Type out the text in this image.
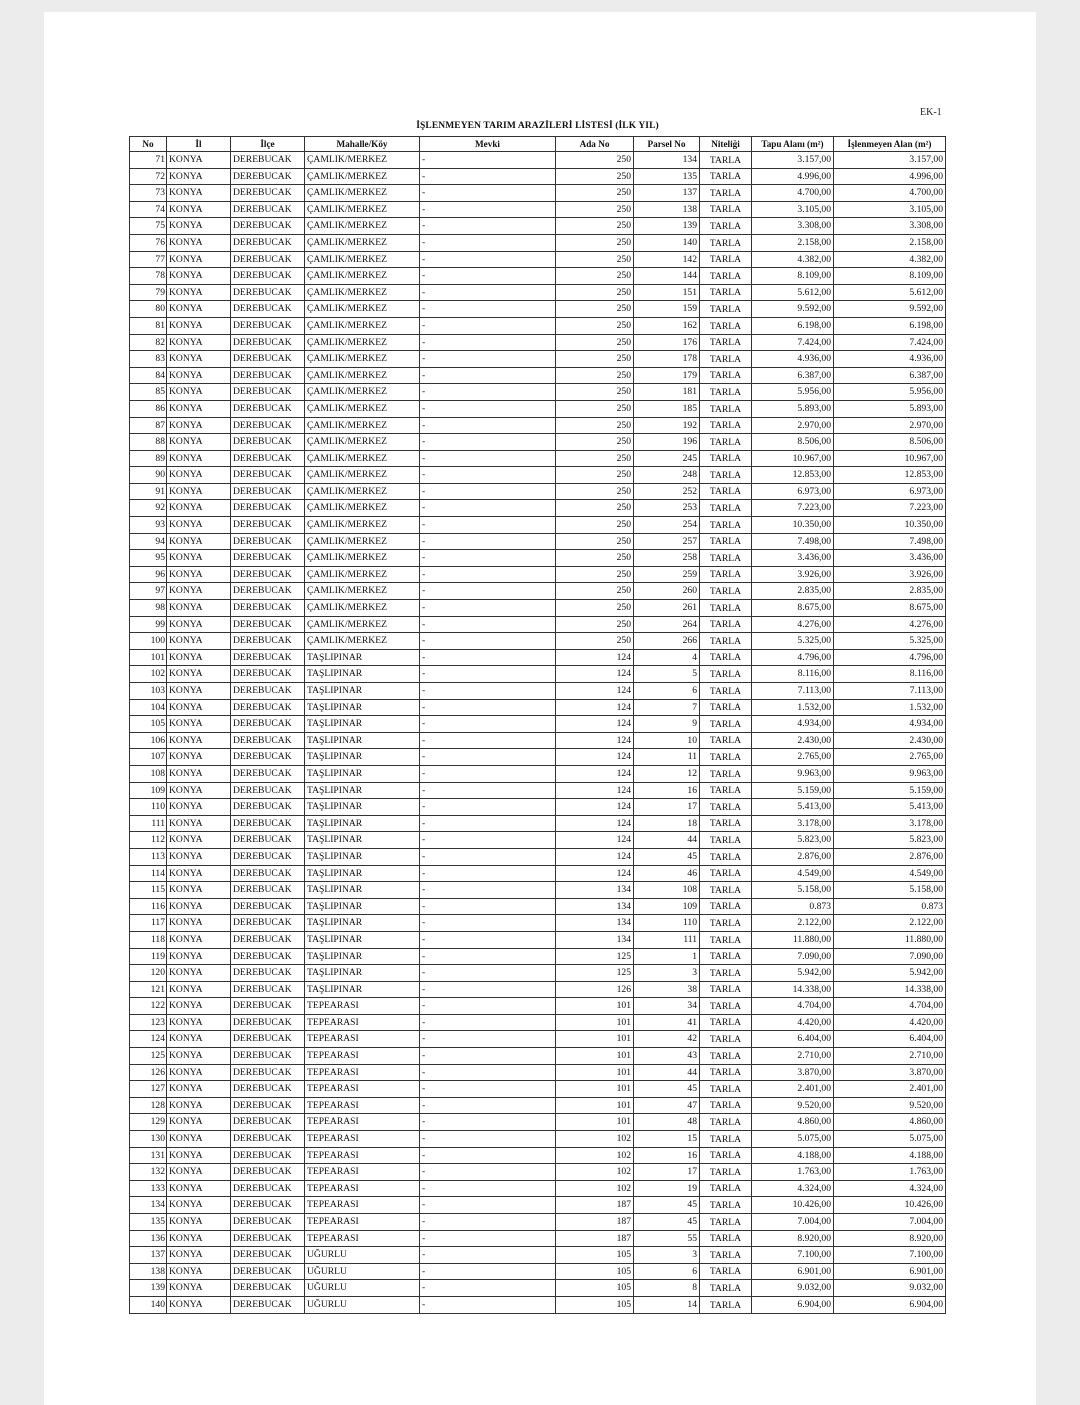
EK-1
İŞLENMEYEN TARIM ARAZİLERİ LİSTESİ (İLK YIL)
No	İl	İlçe	Mahalle/Köy	Mevki	Ada No	Parsel No	Niteliği	Tapu Alanı (m²)	İşlenmeyen Alan (m²)
71	KONYA	DEREBUCAK	ÇAMLIK/MERKEZ	-	250	134	TARLA	3.157,00	3.157,00
72	KONYA	DEREBUCAK	ÇAMLIK/MERKEZ	-	250	135	TARLA	4.996,00	4.996,00
73	KONYA	DEREBUCAK	ÇAMLIK/MERKEZ	-	250	137	TARLA	4.700,00	4.700,00
74	KONYA	DEREBUCAK	ÇAMLIK/MERKEZ	-	250	138	TARLA	3.105,00	3.105,00
75	KONYA	DEREBUCAK	ÇAMLIK/MERKEZ	-	250	139	TARLA	3.308,00	3.308,00
76	KONYA	DEREBUCAK	ÇAMLIK/MERKEZ	-	250	140	TARLA	2.158,00	2.158,00
77	KONYA	DEREBUCAK	ÇAMLIK/MERKEZ	-	250	142	TARLA	4.382,00	4.382,00
78	KONYA	DEREBUCAK	ÇAMLIK/MERKEZ	-	250	144	TARLA	8.109,00	8.109,00
79	KONYA	DEREBUCAK	ÇAMLIK/MERKEZ	-	250	151	TARLA	5.612,00	5.612,00
80	KONYA	DEREBUCAK	ÇAMLIK/MERKEZ	-	250	159	TARLA	9.592,00	9.592,00
81	KONYA	DEREBUCAK	ÇAMLIK/MERKEZ	-	250	162	TARLA	6.198,00	6.198,00
82	KONYA	DEREBUCAK	ÇAMLIK/MERKEZ	-	250	176	TARLA	7.424,00	7.424,00
83	KONYA	DEREBUCAK	ÇAMLIK/MERKEZ	-	250	178	TARLA	4.936,00	4.936,00
84	KONYA	DEREBUCAK	ÇAMLIK/MERKEZ	-	250	179	TARLA	6.387,00	6.387,00
85	KONYA	DEREBUCAK	ÇAMLIK/MERKEZ	-	250	181	TARLA	5.956,00	5.956,00
86	KONYA	DEREBUCAK	ÇAMLIK/MERKEZ	-	250	185	TARLA	5.893,00	5.893,00
87	KONYA	DEREBUCAK	ÇAMLIK/MERKEZ	-	250	192	TARLA	2.970,00	2.970,00
88	KONYA	DEREBUCAK	ÇAMLIK/MERKEZ	-	250	196	TARLA	8.506,00	8.506,00
89	KONYA	DEREBUCAK	ÇAMLIK/MERKEZ	-	250	245	TARLA	10.967,00	10.967,00
90	KONYA	DEREBUCAK	ÇAMLIK/MERKEZ	-	250	248	TARLA	12.853,00	12.853,00
91	KONYA	DEREBUCAK	ÇAMLIK/MERKEZ	-	250	252	TARLA	6.973,00	6.973,00
92	KONYA	DEREBUCAK	ÇAMLIK/MERKEZ	-	250	253	TARLA	7.223,00	7.223,00
93	KONYA	DEREBUCAK	ÇAMLIK/MERKEZ	-	250	254	TARLA	10.350,00	10.350,00
94	KONYA	DEREBUCAK	ÇAMLIK/MERKEZ	-	250	257	TARLA	7.498,00	7.498,00
95	KONYA	DEREBUCAK	ÇAMLIK/MERKEZ	-	250	258	TARLA	3.436,00	3.436,00
96	KONYA	DEREBUCAK	ÇAMLIK/MERKEZ	-	250	259	TARLA	3.926,00	3.926,00
97	KONYA	DEREBUCAK	ÇAMLIK/MERKEZ	-	250	260	TARLA	2.835,00	2.835,00
98	KONYA	DEREBUCAK	ÇAMLIK/MERKEZ	-	250	261	TARLA	8.675,00	8.675,00
99	KONYA	DEREBUCAK	ÇAMLIK/MERKEZ	-	250	264	TARLA	4.276,00	4.276,00
100	KONYA	DEREBUCAK	ÇAMLIK/MERKEZ	-	250	266	TARLA	5.325,00	5.325,00
101	KONYA	DEREBUCAK	TAŞLIPINAR	-	124	4	TARLA	4.796,00	4.796,00
102	KONYA	DEREBUCAK	TAŞLIPINAR	-	124	5	TARLA	8.116,00	8.116,00
103	KONYA	DEREBUCAK	TAŞLIPINAR	-	124	6	TARLA	7.113,00	7.113,00
104	KONYA	DEREBUCAK	TAŞLIPINAR	-	124	7	TARLA	1.532,00	1.532,00
105	KONYA	DEREBUCAK	TAŞLIPINAR	-	124	9	TARLA	4.934,00	4.934,00
106	KONYA	DEREBUCAK	TAŞLIPINAR	-	124	10	TARLA	2.430,00	2.430,00
107	KONYA	DEREBUCAK	TAŞLIPINAR	-	124	11	TARLA	2.765,00	2.765,00
108	KONYA	DEREBUCAK	TAŞLIPINAR	-	124	12	TARLA	9.963,00	9.963,00
109	KONYA	DEREBUCAK	TAŞLIPINAR	-	124	16	TARLA	5.159,00	5.159,00
110	KONYA	DEREBUCAK	TAŞLIPINAR	-	124	17	TARLA	5.413,00	5.413,00
111	KONYA	DEREBUCAK	TAŞLIPINAR	-	124	18	TARLA	3.178,00	3.178,00
112	KONYA	DEREBUCAK	TAŞLIPINAR	-	124	44	TARLA	5.823,00	5.823,00
113	KONYA	DEREBUCAK	TAŞLIPINAR	-	124	45	TARLA	2.876,00	2.876,00
114	KONYA	DEREBUCAK	TAŞLIPINAR	-	124	46	TARLA	4.549,00	4.549,00
115	KONYA	DEREBUCAK	TAŞLIPINAR	-	134	108	TARLA	5.158,00	5.158,00
116	KONYA	DEREBUCAK	TAŞLIPINAR	-	134	109	TARLA	0.873	0.873
117	KONYA	DEREBUCAK	TAŞLIPINAR	-	134	110	TARLA	2.122,00	2.122,00
118	KONYA	DEREBUCAK	TAŞLIPINAR	-	134	111	TARLA	11.880,00	11.880,00
119	KONYA	DEREBUCAK	TAŞLIPINAR	-	125	1	TARLA	7.090,00	7.090,00
120	KONYA	DEREBUCAK	TAŞLIPINAR	-	125	3	TARLA	5.942,00	5.942,00
121	KONYA	DEREBUCAK	TAŞLIPINAR	-	126	38	TARLA	14.338,00	14.338,00
122	KONYA	DEREBUCAK	TEPEARASI	-	101	34	TARLA	4.704,00	4.704,00
123	KONYA	DEREBUCAK	TEPEARASI	-	101	41	TARLA	4.420,00	4.420,00
124	KONYA	DEREBUCAK	TEPEARASI	-	101	42	TARLA	6.404,00	6.404,00
125	KONYA	DEREBUCAK	TEPEARASI	-	101	43	TARLA	2.710,00	2.710,00
126	KONYA	DEREBUCAK	TEPEARASI	-	101	44	TARLA	3.870,00	3.870,00
127	KONYA	DEREBUCAK	TEPEARASI	-	101	45	TARLA	2.401,00	2.401,00
128	KONYA	DEREBUCAK	TEPEARASI	-	101	47	TARLA	9.520,00	9.520,00
129	KONYA	DEREBUCAK	TEPEARASI	-	101	48	TARLA	4.860,00	4.860,00
130	KONYA	DEREBUCAK	TEPEARASI	-	102	15	TARLA	5.075,00	5.075,00
131	KONYA	DEREBUCAK	TEPEARASI	-	102	16	TARLA	4.188,00	4.188,00
132	KONYA	DEREBUCAK	TEPEARASI	-	102	17	TARLA	1.763,00	1.763,00
133	KONYA	DEREBUCAK	TEPEARASI	-	102	19	TARLA	4.324,00	4.324,00
134	KONYA	DEREBUCAK	TEPEARASI	-	187	45	TARLA	10.426,00	10.426,00
135	KONYA	DEREBUCAK	TEPEARASI	-	187	45	TARLA	7.004,00	7.004,00
136	KONYA	DEREBUCAK	TEPEARASI	-	187	55	TARLA	8.920,00	8.920,00
137	KONYA	DEREBUCAK	UĞURLU	-	105	3	TARLA	7.100,00	7.100,00
138	KONYA	DEREBUCAK	UĞURLU	-	105	6	TARLA	6.901,00	6.901,00
139	KONYA	DEREBUCAK	UĞURLU	-	105	8	TARLA	9.032,00	9.032,00
140	KONYA	DEREBUCAK	UĞURLU	-	105	14	TARLA	6.904,00	6.904,00
